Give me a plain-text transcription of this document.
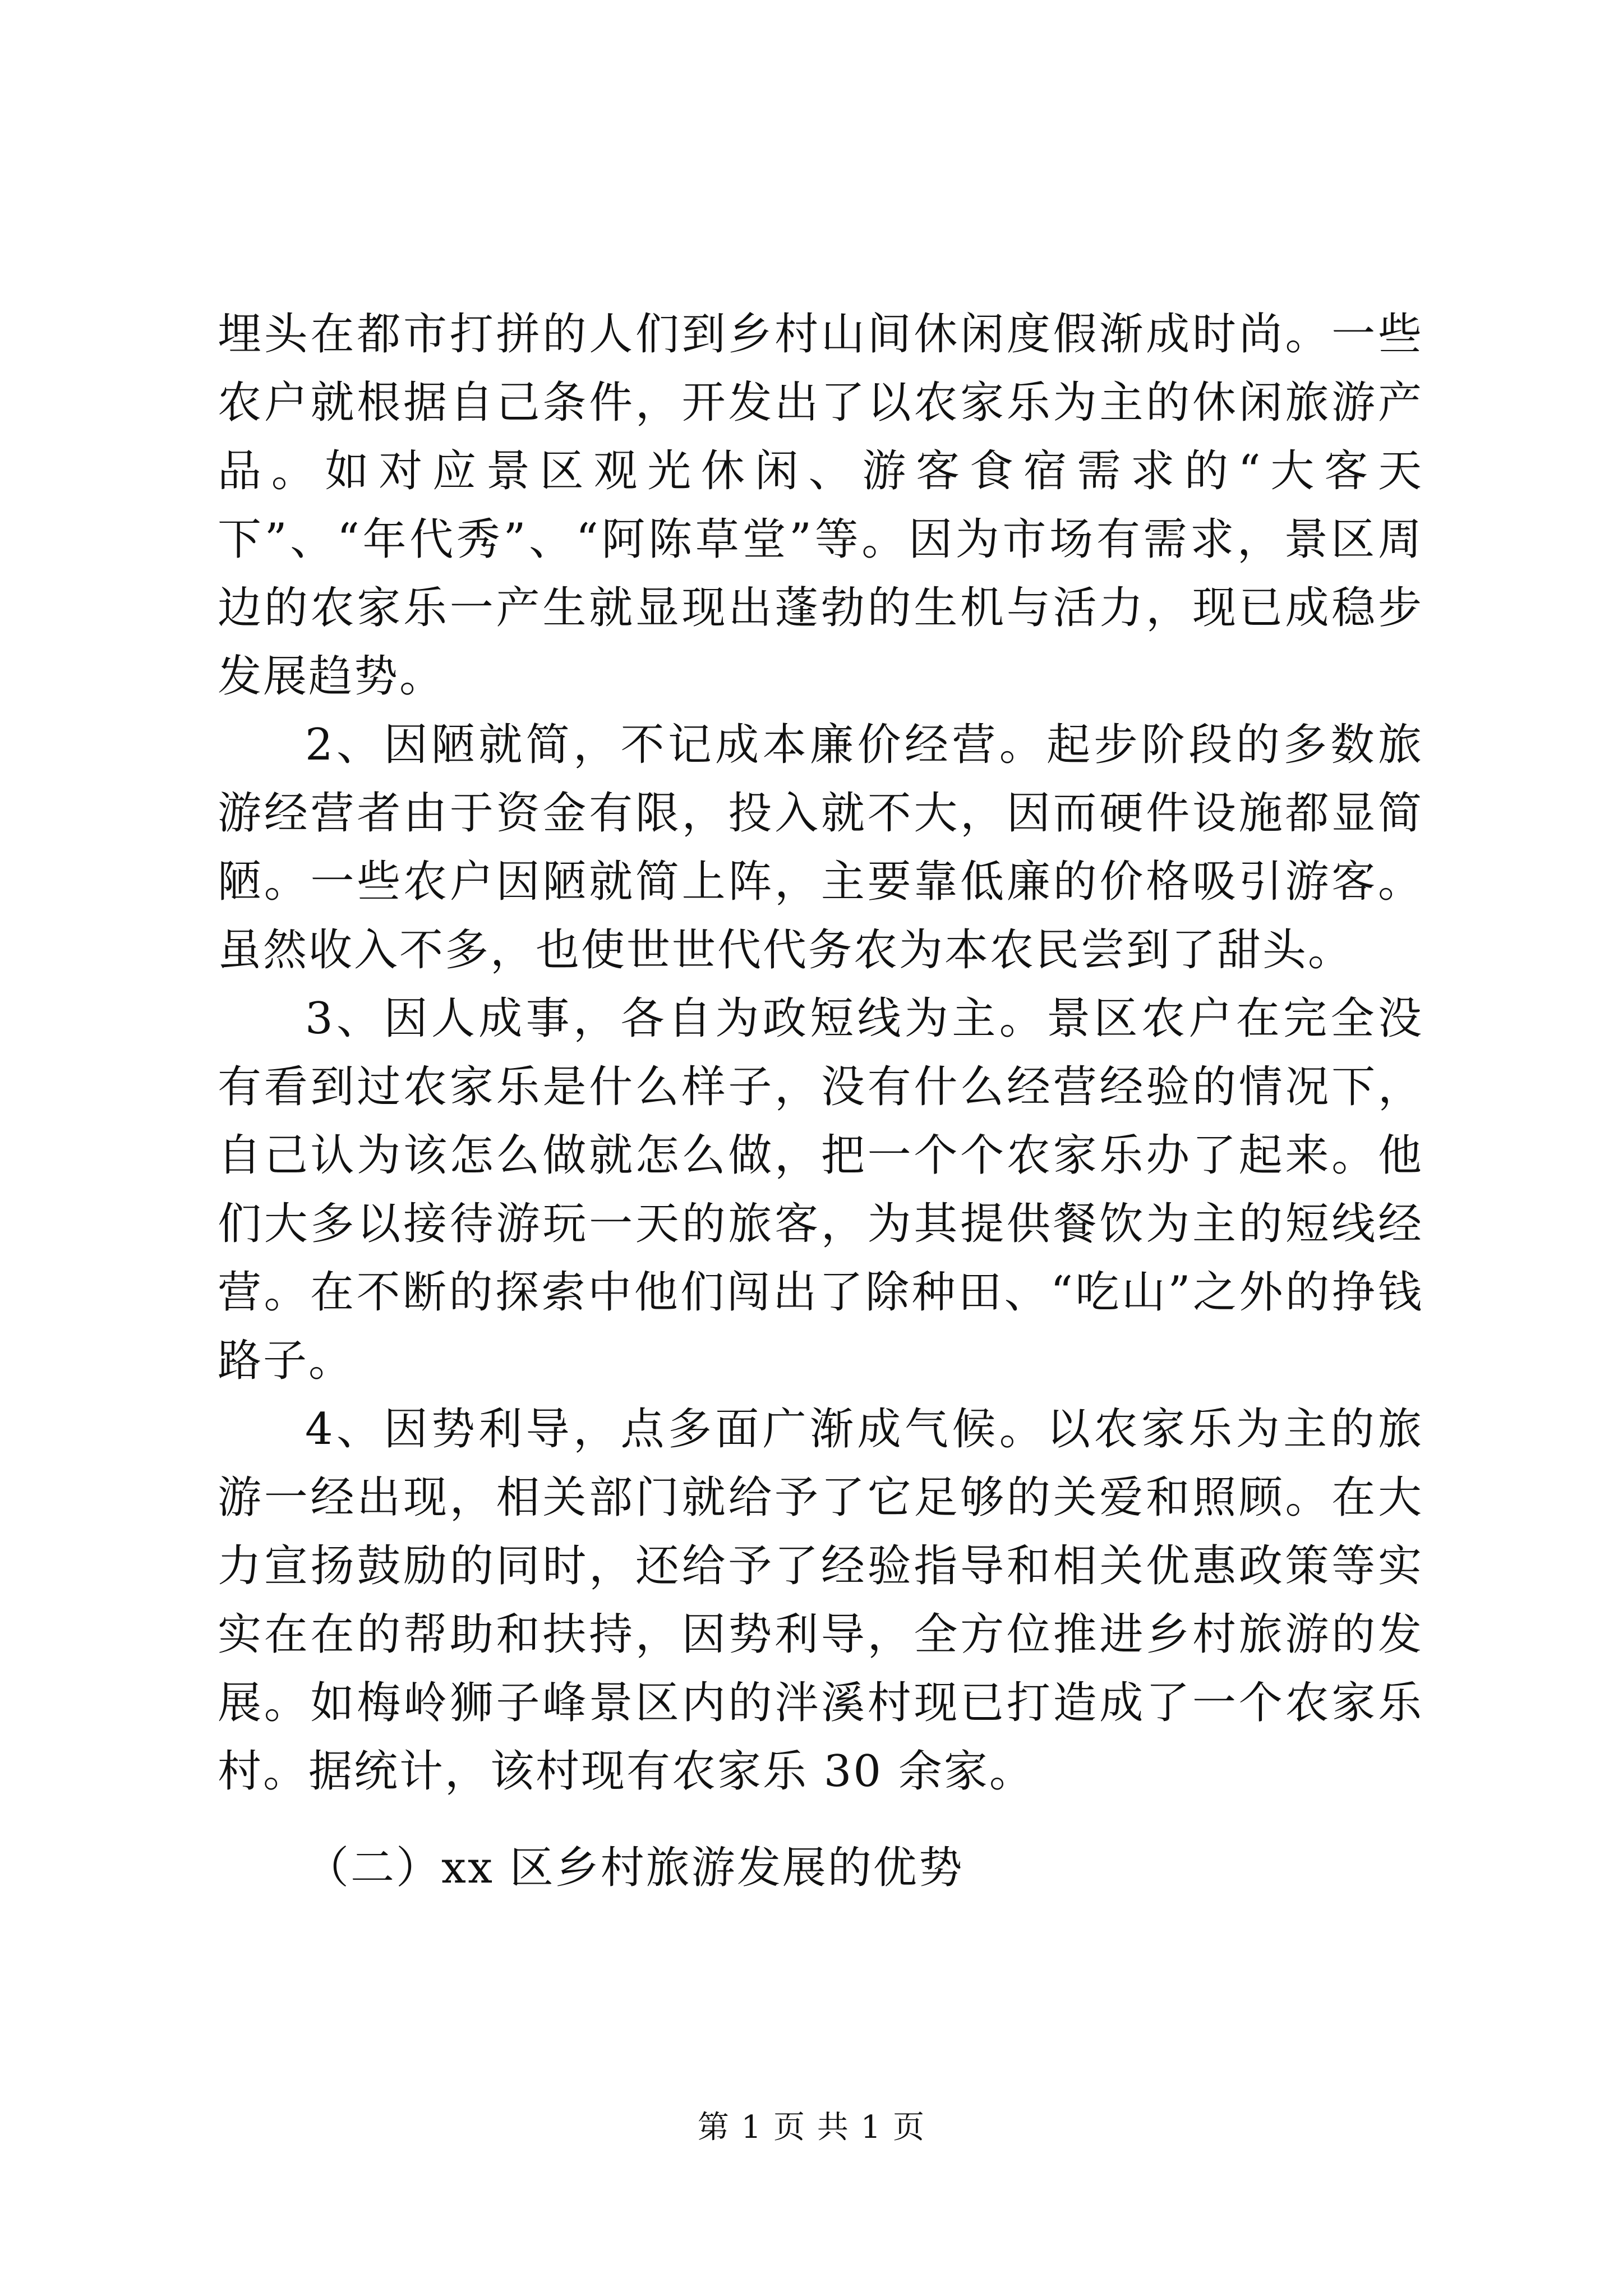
埋头在都市打拼的人们到乡村山间休闲度假渐成时尚。一些农户就根据自己条件，开发出了以农家乐为主的休闲旅游产品。如对应景区观光休闲、游客食宿需求的“大客天下”、“年代秀”、“阿陈草堂”等。因为市场有需求，景区周边的农家乐一产生就显现出蓬勃的生机与活力，现已成稳步发展趋势。

2、因陋就简，不记成本廉价经营。起步阶段的多数旅游经营者由于资金有限，投入就不大，因而硬件设施都显简陋。一些农户因陋就简上阵，主要靠低廉的价格吸引游客。虽然收入不多，也使世世代代务农为本农民尝到了甜头。

3、因人成事，各自为政短线为主。景区农户在完全没有看到过农家乐是什么样子，没有什么经营经验的情况下，自己认为该怎么做就怎么做，把一个个农家乐办了起来。他们大多以接待游玩一天的旅客，为其提供餐饮为主的短线经营。在不断的探索中他们闯出了除种田、“吃山”之外的挣钱路子。

4、因势利导，点多面广渐成气候。以农家乐为主的旅游一经出现，相关部门就给予了它足够的关爱和照顾。在大力宣扬鼓励的同时，还给予了经验指导和相关优惠政策等实实在在的帮助和扶持，因势利导，全方位推进乡村旅游的发展。如梅岭狮子峰景区内的泮溪村现已打造成了一个农家乐村。据统计，该村现有农家乐 30 余家。

（二）xx 区乡村旅游发展的优势

第 1 页 共 1 页
